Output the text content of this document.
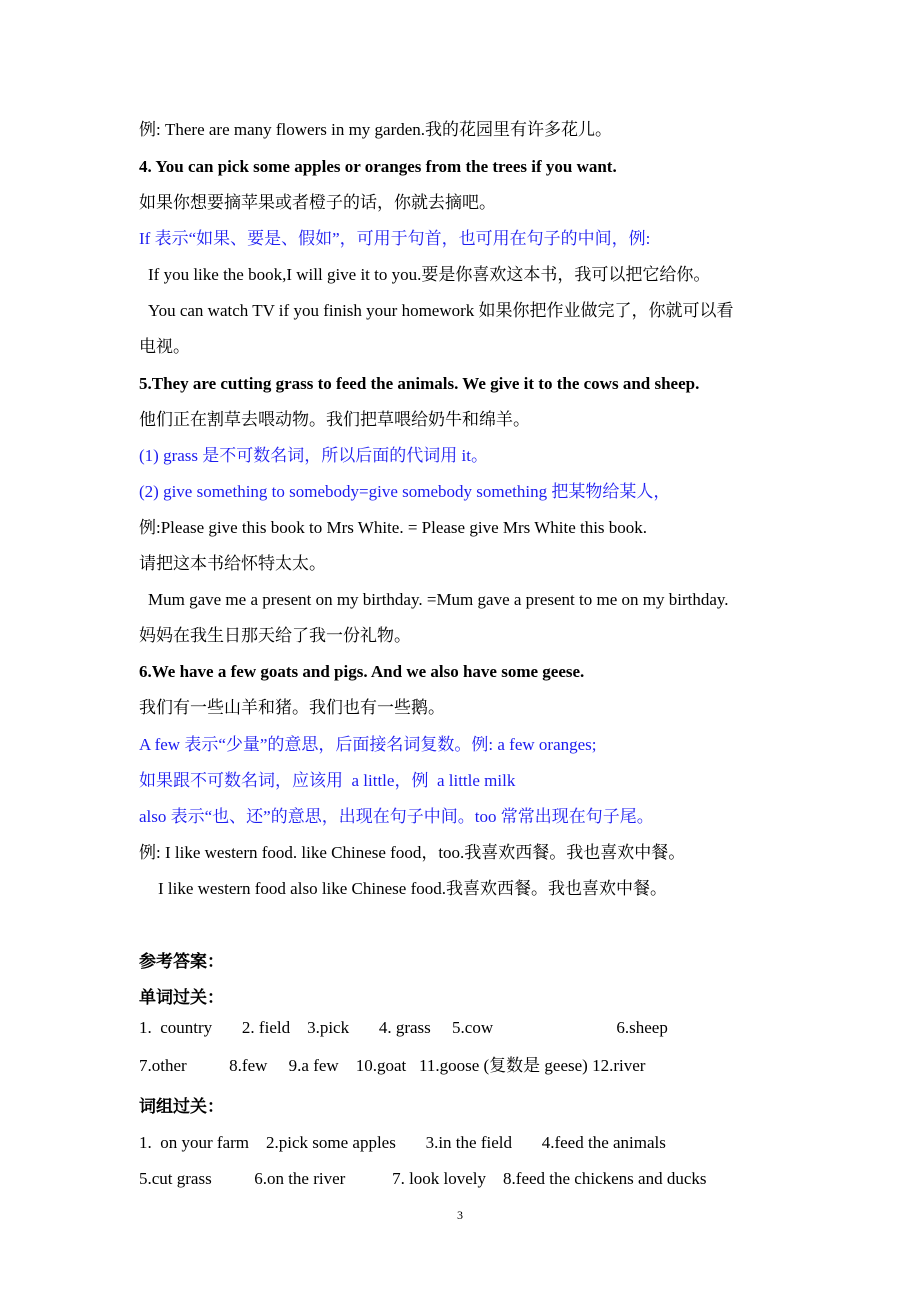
例: There are many flowers in my garden.我的花园里有许多花儿。
4. You can pick some apples or oranges from the trees if you want.
如果你想要摘苹果或者橙子的话，你就去摘吧。
If 表示“如果、要是、假如”，可用于句首，也可用在句子的中间，例:
If you like the book,I will give it to you.要是你喜欢这本书，我可以把它给你。
You can watch TV if you finish your homework 如果你把作业做完了，你就可以看
电视。
5.They are cutting grass to feed the animals. We give it to the cows and sheep.
他们正在割草去喂动物。我们把草喂给奶牛和绵羊。
(1) grass 是不可数名词，所以后面的代词用 it。
(2) give something to somebody=give somebody something 把某物给某人，
例:Please give this book to Mrs White. = Please give Mrs White this book.
请把这本书给怀特太太。
Mum gave me a present on my birthday. =Mum gave a present to me on my birthday.
妈妈在我生日那天给了我一份礼物。
6.We have a few goats and pigs. And we also have some geese.
我们有一些山羊和猪。我们也有一些鹅。
A few 表示“少量”的意思，后面接名词复数。例: a few oranges;
如果跟不可数名词，应该用  a little，例  a little milk
also 表示“也、还”的意思，出现在句子中间。too 常常出现在句子尾。
例: I like western food. like Chinese food，too.我喜欢西餐。我也喜欢中餐。
I like western food also like Chinese food.我喜欢西餐。我也喜欢中餐。
参考答案：
单词过关：
1.  country       2. field    3.pick       4. grass     5.cow                             6.sheep
7.other          8.few     9.a few    10.goat   11.goose (复数是 geese) 12.river
词组过关：
1.  on your farm    2.pick some apples       3.in the field       4.feed the animals
5.cut grass          6.on the river           7. look lovely    8.feed the chickens and ducks
3
